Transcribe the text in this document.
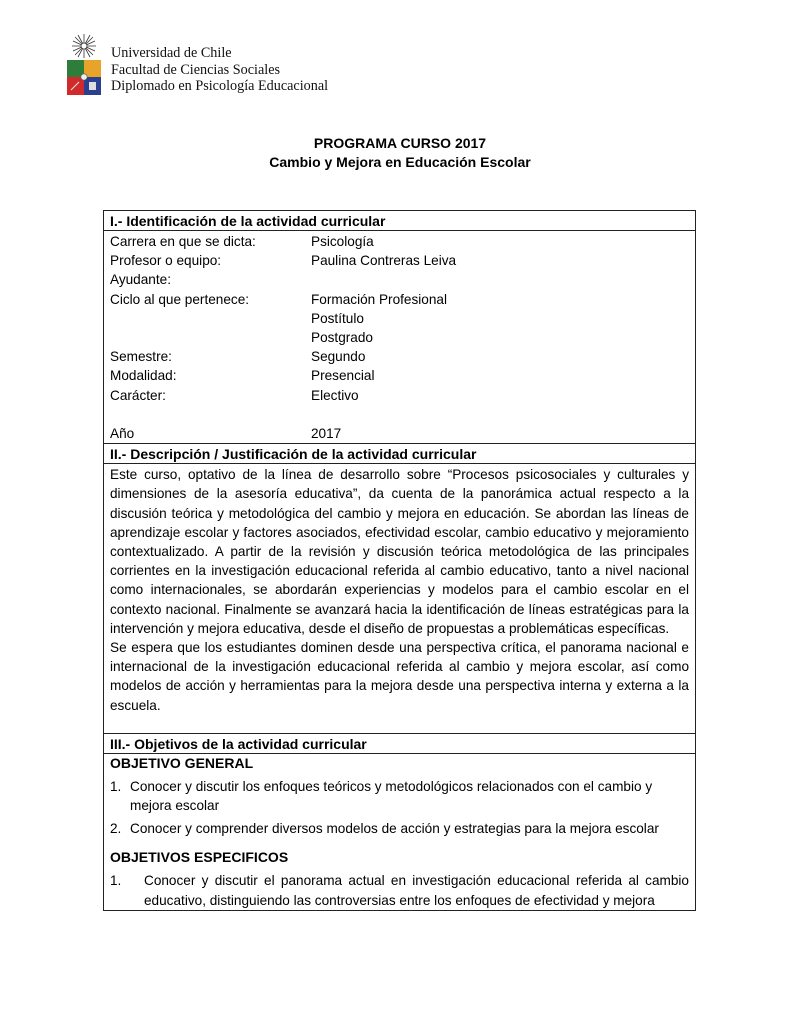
Universidad de Chile
Facultad de Ciencias Sociales
Diplomado en Psicología Educacional
PROGRAMA CURSO 2017
Cambio y Mejora en Educación Escolar
I.- Identificación de la actividad curricular
Carrera en que se dicta:	Psicología
Profesor o equipo:	Paulina Contreras Leiva
Ayudante:

Ciclo al que pertenece:	Formación Profesional
Postítulo
Postgrado
Semestre:	Segundo
Modalidad:	Presencial
Carácter:	Electivo

Año	2017
II.- Descripción / Justificación de la actividad curricular

Este curso, optativo de la línea de desarrollo sobre “Procesos psicosociales y culturales y dimensiones de la asesoría educativa”, da cuenta de la panorámica actual respecto a la discusión teórica y metodológica del cambio y mejora en educación. Se abordan las líneas de aprendizaje escolar y factores asociados, efectividad escolar, cambio educativo y mejoramiento contextualizado. A partir de la revisión y discusión teórica metodológica de las principales corrientes en la investigación educacional referida al cambio educativo, tanto a nivel nacional como internacionales, se abordarán experiencias y modelos para el cambio escolar en el contexto nacional. Finalmente se avanzará hacia la identificación de líneas estratégicas para la intervención y mejora educativa, desde el diseño de propuestas a problemáticas específicas.

Se espera que los estudiantes dominen desde una perspectiva crítica, el panorama nacional e internacional de la investigación educacional referida al cambio y mejora escolar, así como modelos de acción y herramientas para la mejora desde una perspectiva interna y externa a la escuela.

III.- Objetivos de la actividad curricular
OBJETIVO GENERAL
1. Conocer y discutir los enfoques teóricos y metodológicos relacionados con el cambio y mejora escolar
2. Conocer y comprender diversos modelos de acción y estrategias para la mejora escolar
OBJETIVOS ESPECIFICOS
1.	Conocer y discutir el panorama actual en investigación educacional referida al cambio educativo, distinguiendo las controversias entre los enfoques de efectividad y mejora
